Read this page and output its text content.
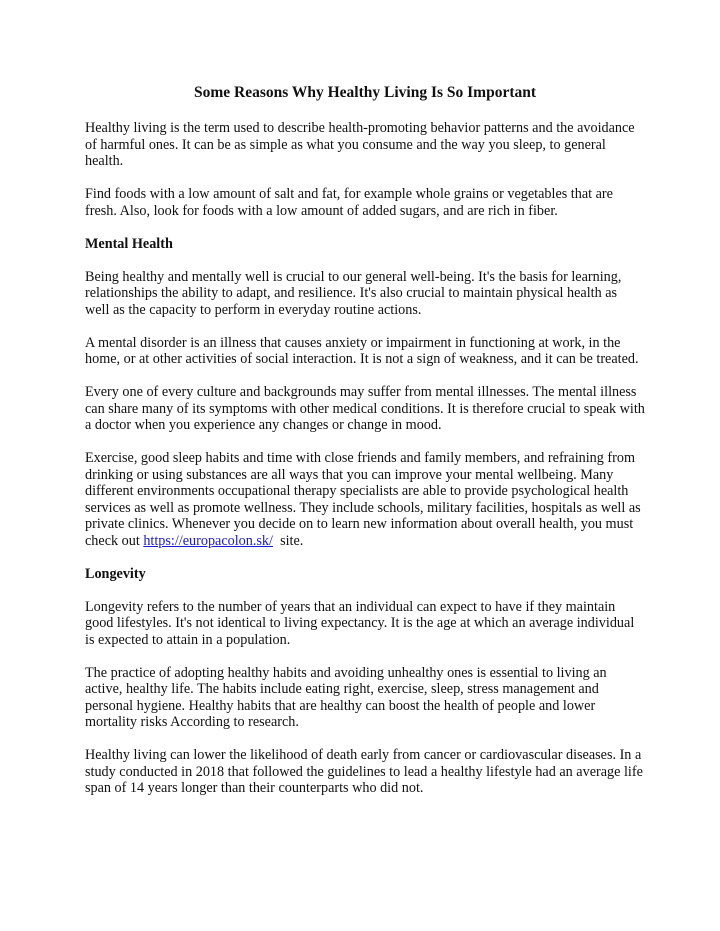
Some Reasons Why Healthy Living Is So Important

Healthy living is the term used to describe health-promoting behavior patterns and the avoidance of harmful ones. It can be as simple as what you consume and the way you sleep, to general health.

Find foods with a low amount of salt and fat, for example whole grains or vegetables that are fresh. Also, look for foods with a low amount of added sugars, and are rich in fiber.

Mental Health

Being healthy and mentally well is crucial to our general well-being. It's the basis for learning, relationships the ability to adapt, and resilience. It's also crucial to maintain physical health as well as the capacity to perform in everyday routine actions.

A mental disorder is an illness that causes anxiety or impairment in functioning at work, in the home, or at other activities of social interaction. It is not a sign of weakness, and it can be treated.

Every one of every culture and backgrounds may suffer from mental illnesses. The mental illness can share many of its symptoms with other medical conditions. It is therefore crucial to speak with a doctor when you experience any changes or change in mood.

Exercise, good sleep habits and time with close friends and family members, and refraining from drinking or using substances are all ways that you can improve your mental wellbeing. Many different environments occupational therapy specialists are able to provide psychological health services as well as promote wellness. They include schools, military facilities, hospitals as well as private clinics. Whenever you decide on to learn new information about overall health, you must check out https://europacolon.sk/  site.

Longevity

Longevity refers to the number of years that an individual can expect to have if they maintain good lifestyles. It's not identical to living expectancy. It is the age at which an average individual is expected to attain in a population.

The practice of adopting healthy habits and avoiding unhealthy ones is essential to living an active, healthy life. The habits include eating right, exercise, sleep, stress management and personal hygiene. Healthy habits that are healthy can boost the health of people and lower mortality risks According to research.

Healthy living can lower the likelihood of death early from cancer or cardiovascular diseases. In a study conducted in 2018 that followed the guidelines to lead a healthy lifestyle had an average life span of 14 years longer than their counterparts who did not.
